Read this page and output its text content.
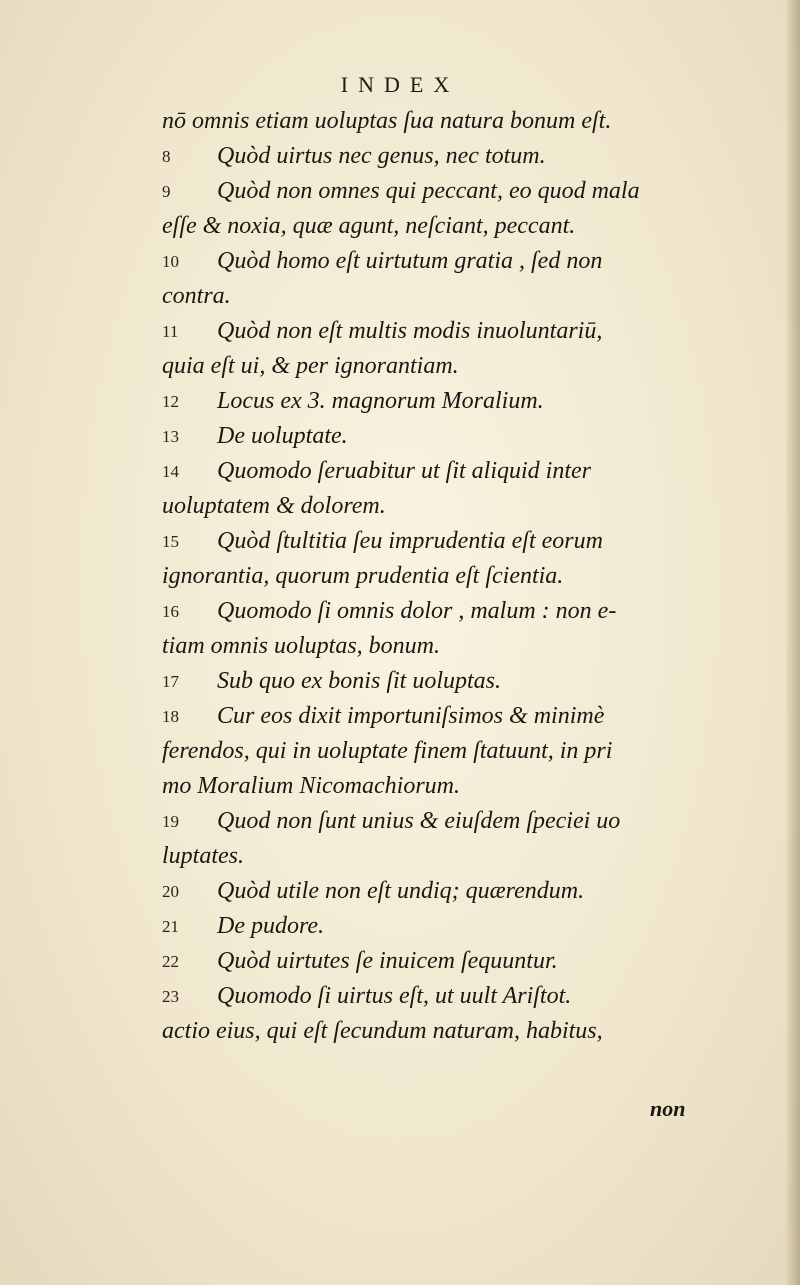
INDEX
nō omnis etiam uoluptas ſua natura bonum eſt.
8 Quòd uirtus nec genus, nec totum.
9 Quòd non omnes qui peccant, eo quod mala
eſſe & noxia, quæ agunt, neſciant, peccant.
10 Quòd homo eſt uirtutum gratia , ſed non
contra.
11 Quòd non eſt multis modis inuoluntariū,
quia eſt ui, & per ignorantiam.
12 Locus ex 3. magnorum Moralium.
13 De uoluptate.
14 Quomodo ſeruabitur ut ſit aliquid inter
uoluptatem & dolorem.
15 Quòd ſtultitia ſeu imprudentia eſt eorum
ignorantia, quorum prudentia eſt ſcientia.
16 Quomodo ſi omnis dolor , malum : non e-
tiam omnis uoluptas, bonum.
17 Sub quo ex bonis ſit uoluptas.
18 Cur eos dixit importuniſsimos & minimè
ferendos, qui in uoluptate finem ſtatuunt, in pri
mo Moralium Nicomachiorum.
19 Quod non ſunt unius & eiuſdem ſpeciei uo
luptates.
20 Quòd utile non eſt undiq; quærendum.
21 De pudore.
22 Quòd uirtutes ſe inuicem ſequuntur.
23 Quomodo ſi uirtus eſt, ut uult Ariſtot.
actio eius, qui eſt ſecundum naturam, habitus,
non
